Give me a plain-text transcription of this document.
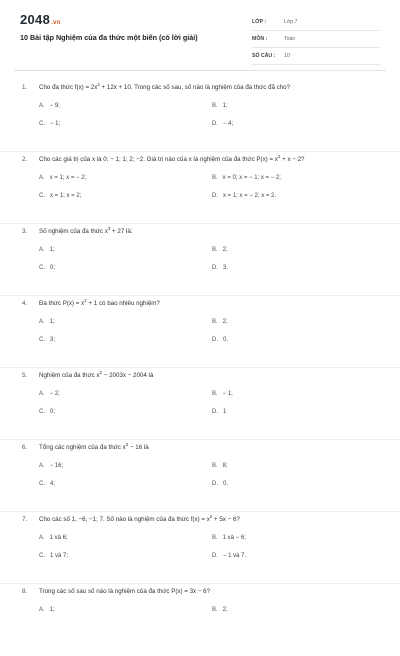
2048.vn
10 Bài tập Nghiệm của đa thức một biến (có lời giải)
LỚP :	Lớp 7
MÔN :	Toán
SỐ CÂU : 10
1. Cho đa thức $f(x) = 2x^2 + 12x + 10$. Trong các số sau, số nào là nghiệm của đa thức đã cho?
A. − 9;	B. 1;
C. − 1;	D. − 4;
2. Cho các giá trị của x là 0; − 1; 1; 2; −2. Giá trị nào của x là nghiệm của đa thức $P(x) = x^2 + x - 2$?
A. x = 1; x = − 2;	B. x = 0; x = − 1; x = − 2;
C. x = 1; x = 2;	D. x = 1; x = − 2; x = 2.
3. Số nghiệm của đa thức $x^3 + 27$ là:
A. 1;	B. 2;
C. 0;	D. 3.
4. Đa thức $P(x) = x^2 + 1$ có bao nhiêu nghiệm?
A. 1;	B. 2;
C. 3;	D. 0.
5. Nghiệm của đa thức $x^2 - 2003x - 2004$ là
A. − 2;	B. − 1;
C. 0;	D. 1
6. Tổng các nghiệm của đa thức $x^2 - 16$ là
A. − 16;	B. 8;
C. 4;	D. 0.
7. Cho các số 1, −6, −1; 7. Số nào là nghiệm của đa thức $f(x) = x^2 + 5x - 6$?
A. 1 và 6;	B. 1 và − 6;
C. 1 và 7;	D. − 1 và 7.
8. Trong các số sau số nào là nghiệm của đa thức P(x) = 3x − 6?
A. 1;	B. 2;
